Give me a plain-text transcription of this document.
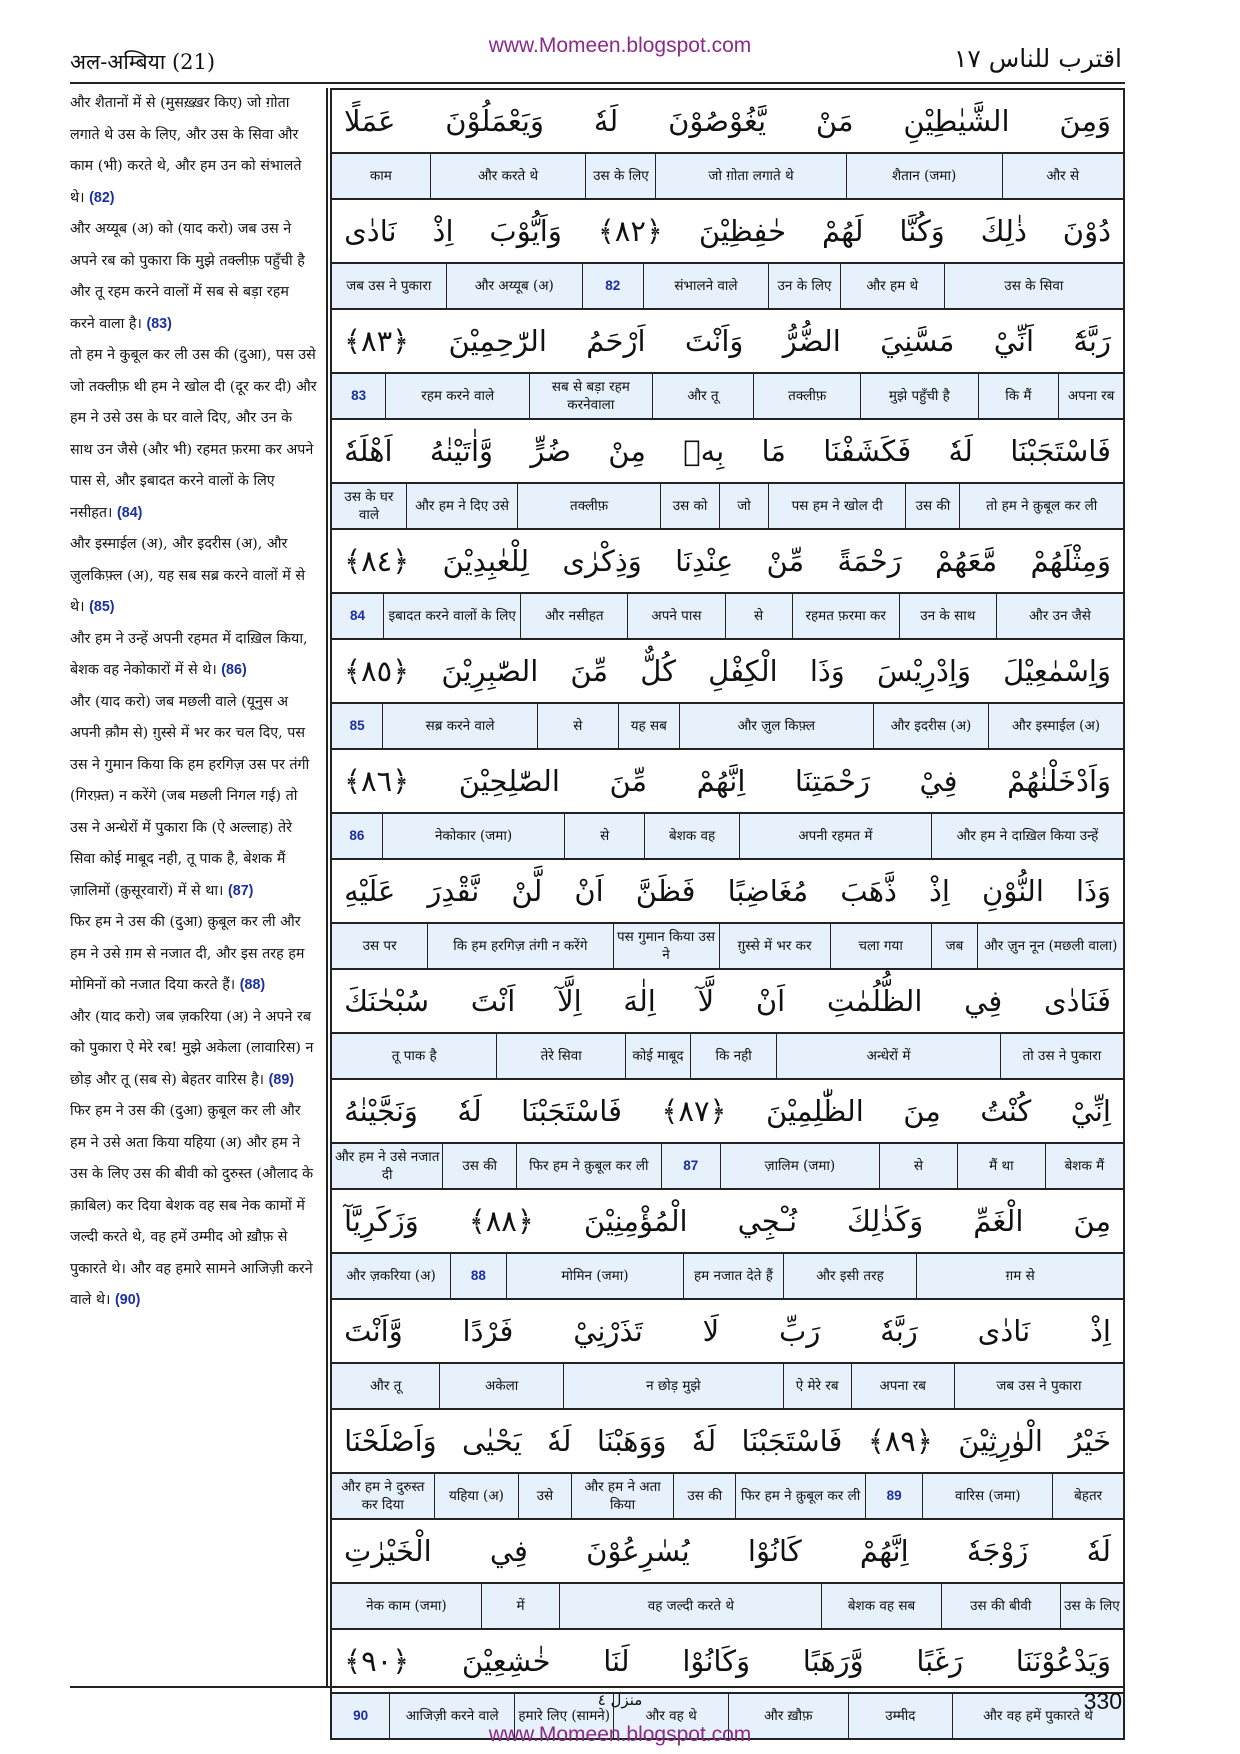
अल-अम्बिया (21)
www.Momeen.blogspot.com	اقترب للناس ١٧

और शैतानों में से (मुसख़्ख़र किए) जो ग़ोता लगाते थे उस के लिए, और उस के सिवा और काम (भी) करते थे, और हम उन को संभालते थे। (82)

और अय्यूब (अ) को (याद करो) जब उस ने अपने रब को पुकारा कि मुझे तक्लीफ़ पहुँची है और तू रहम करने वालों में सब से बड़ा रहम करने वाला है। (83)

तो हम ने कुबूल कर ली उस की (दुआ), पस उसे जो तक्लीफ़ थी हम ने खोल दी (दूर कर दी) और हम ने उसे उस के घर वाले दिए, और उन के साथ उन जैसे (और भी) रहमत फ़रमा कर अपने पास से, और इबादत करने वालों के लिए नसीहत। (84)

और इस्माईल (अ), और इदरीस (अ), और ज़ुलकिफ़्ल (अ), यह सब सब्र करने वालों में से थे। (85)

और हम ने उन्हें अपनी रहमत में दाख़िल किया, बेशक वह नेकोकारों में से थे। (86)

और (याद करो) जब मछली वाले (यूनुस अ अपनी क़ौम से) ग़ुस्से में भर कर चल दिए, पस उस ने गुमान किया कि हम हरगिज़ उस पर तंगी (गिरफ़्त) न करेंगे (जब मछली निगल गई) तो उस ने अन्धेरों में पुकारा कि (ऐ अल्लाह) तेरे सिवा कोई माबूद नही, तू पाक है, बेशक मैं ज़ालिमों (क़ुसूरवारों) में से था। (87)

फिर हम ने उस की (दुआ) क़ुबूल कर ली और हम ने उसे ग़म से नजात दी, और इस तरह हम मोमिनों को नजात दिया करते हैं। (88)

और (याद करो) जब ज़करिया (अ) ने अपने रब को पुकारा ऐ मेरे रब! मुझे अकेला (लावारिस) न छोड़ और तू (सब से) बेहतर वारिस है। (89)

फिर हम ने उस की (दुआ) क़ुबूल कर ली और हम ने उसे अता किया यहिया (अ) और हम ने उस के लिए उस की बीवी को दुरुस्त (औलाद के क़ाबिल) कर दिया बेशक वह सब नेक कामों में जल्दी करते थे, वह हमें उम्मीद ओ ख़ौफ़ से पुकारते थे। और वह हमारे सामने आजिज़ी करने वाले थे। (90)

وَمِنَ
الشَّيٰطِيْنِ
مَنْ
يَّغُوْصُوْنَ
لَهٗ
وَيَعْمَلُوْنَ
عَمَلًا
और से
शैतान (जमा)
जो ग़ोता लगाते थे
उस के लिए
और करते थे
काम
دُوْنَ
ذٰلِكَ
وَكُنَّا
لَهُمْ
حٰفِظِيْنَ
﴿٨٢﴾
وَاَيُّوْبَ
اِذْ
نَادٰى
उस के सिवा
और हम थे
उन के लिए
संभालने वाले
82
और अय्यूब (अ)
जब उस ने पुकारा
رَبَّهٗٓ
اَنِّيْ
مَسَّنِيَ
الضُّرُّ
وَاَنْتَ
اَرْحَمُ
الرّٰحِمِيْنَ
﴿٨٣﴾
अपना रब
कि मैं
मुझे पहुँची है
तक्लीफ़
और तू
सब से बड़ा रहम करनेवाला
रहम करने वाले
83
فَاسْتَجَبْنَا
لَهٗ
فَكَشَفْنَا
مَا
بِهٖ
مِنْ
ضُرٍّ
وَّاٰتَيْنٰهُ
اَهْلَهٗ
तो हम ने क़ुबूल कर ली
उस की
पस हम ने खोल दी
जो
उस को
तक्लीफ़
और हम ने दिए उसे
उस के घर वाले
وَمِثْلَهُمْ
مَّعَهُمْ
رَحْمَةً
مِّنْ
عِنْدِنَا
وَذِكْرٰى
لِلْعٰبِدِيْنَ
﴿٨٤﴾
और उन जैसे
उन के साथ
रहमत फ़रमा कर
से
अपने पास
और नसीहत
इबादत करने वालों के लिए
84
وَاِسْمٰعِيْلَ
وَاِدْرِيْسَ
وَذَا
الْكِفْلِ
كُلٌّ
مِّنَ
الصّٰبِرِيْنَ
﴿٨٥﴾
और इस्माईल (अ)
और इदरीस (अ)
और ज़ुल किफ़्ल
यह सब
से
सब्र करने वाले
85
وَاَدْخَلْنٰهُمْ
فِيْ
رَحْمَتِنَا
اِنَّهُمْ
مِّنَ
الصّٰلِحِيْنَ
﴿٨٦﴾
और हम ने दाख़िल किया उन्हें
अपनी रहमत में
बेशक वह
से
नेकोकार (जमा)
86
وَذَا
النُّوْنِ
اِذْ
ذَّهَبَ
مُغَاضِبًا
فَظَنَّ
اَنْ
لَّنْ
نَّقْدِرَ
عَلَيْهِ
और ज़ुन नून (मछली वाला)
जब
चला गया
ग़ुस्से में भर कर
पस गुमान किया उस ने
कि हम हरगिज़ तंगी न करेंगे
उस पर
فَنَادٰى
فِي
الظُّلُمٰتِ
اَنْ
لَّآ
اِلٰهَ
اِلَّآ
اَنْتَ
سُبْحٰنَكَ
तो उस ने पुकारा
अन्धेरों में
कि नही
कोई माबूद
तेरे सिवा
तू पाक है
اِنِّيْ
كُنْتُ
مِنَ
الظّٰلِمِيْنَ
﴿٨٧﴾
فَاسْتَجَبْنَا
لَهٗ
وَنَجَّيْنٰهُ
बेशक मैं
मैं था
से
ज़ालिम (जमा)
87
फिर हम ने क़ुबूल कर ली
उस की
और हम ने उसे नजात दी
مِنَ
الْغَمِّ
وَكَذٰلِكَ
نُـْجِي
الْمُؤْمِنِيْنَ
﴿٨٨﴾
وَزَكَرِيَّآ
ग़म से
और इसी तरह
हम नजात देते हैं
मोमिन (जमा)
88
और ज़करिया (अ)
اِذْ
نَادٰى
رَبَّهٗ
رَبِّ
لَا
تَذَرْنِيْ
فَرْدًا
وَّاَنْتَ
जब उस ने पुकारा
अपना रब
ऐ मेरे रब
न छोड़ मुझे
अकेला
और तू
خَيْرُ
الْوٰرِثِيْنَ
﴿٨٩﴾
فَاسْتَجَبْنَا
لَهٗ
وَوَهَبْنَا
لَهٗ
يَحْيٰى
وَاَصْلَحْنَا
बेहतर
वारिस (जमा)
89
फिर हम ने क़ुबूल कर ली
उस की
और हम ने अता किया
उसे
यहिया (अ)
और हम ने दुरुस्त कर दिया
لَهٗ
زَوْجَهٗ
اِنَّهُمْ
كَانُوْا
يُسٰرِعُوْنَ
فِي
الْخَيْرٰتِ
उस के लिए
उस की बीवी
बेशक वह सब
वह जल्दी करते थे
में
नेक काम (जमा)
وَيَدْعُوْنَنَا
رَغَبًا
وَّرَهَبًا
وَكَانُوْا
لَنَا
خٰشِعِيْنَ
﴿٩٠﴾
और वह हमें पुकारते थे
उम्मीद
और ख़ौफ़
और वह थे
हमारे लिए (सामने)
आजिज़ी करने वाले
90
منزل ٤	330
www.Momeen.blogspot.com
